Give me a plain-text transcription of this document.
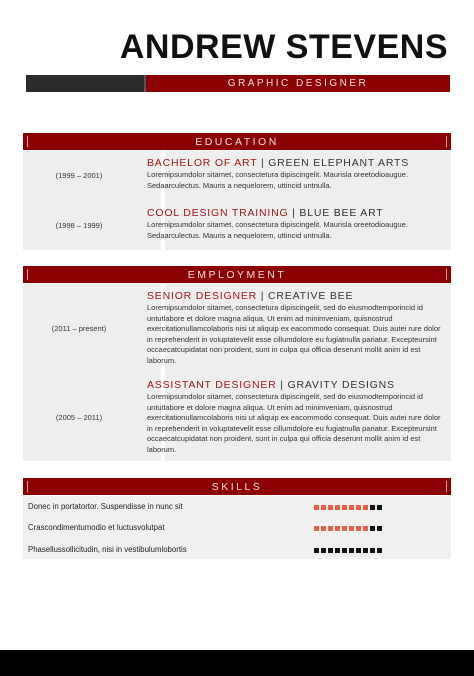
ANDREW STEVENS
GRAPHIC DESIGNER
EDUCATION
(1999 – 2001)
BACHELOR OF ART | GREEN ELEPHANT ARTS
Loremipsumdolor sitamet, consectetura dipiscingelit. Maurisla oreetodioaugue. Sedaarculectus. Mauris a nequelorem, uttincid untnulla.
(1998 – 1999)
COOL DESIGN TRAINING | BLUE BEE ART
Loremipsumdolor sitamet, consectetura dipiscingelit. Maurisla oreetodioaugue. Sedaarculectus. Mauris a nequelorem, uttincid untnulla.
EMPLOYMENT
(2011 – present)
SENIOR DESIGNER | CREATIVE BEE
Loremipsumdolor sitamet, consectetura dipiscingelit, sed do eiusmodtemporincid id untutlabore et dolore magna aliqua. Ut enim ad minimveniam, quisnostrud exercitationullamcolaboris nisi ut aliquip ex eacommodo consequat. Duis autei rure dolor in reprehenderit in voluptatevelit esse cillumdolore eu fugiatnulla pariatur. Excepteursint occaecatcupidatat non proident, sunt in culpa qui officia deserunt mollit anim id est laborum.
(2005 – 2011)
ASSISTANT DESIGNER | GRAVITY DESIGNS
Loremipsumdolor sitamet, consectetura dipiscingelit, sed do eiusmodtemporincid id untutlabore et dolore magna aliqua. Ut enim ad minimveniam, quisnostrud exercitationullamcolaboris nisi ut aliquip ex eacommodo consequat. Duis autei rure dolor in reprehenderit in voluptatevelit esse cillumdolore eu fugiatnulla pariatur. Excepteursint occaecatcupidatat non proident, sunt in culpa qui officia deserunt mollit anim id est laborum.
SKILLS
Donec in portatortor. Suspendisse in nunc sit
Crascondimentumodio et luctusvolutpat
Phasellussollicitudin, nisi in vestibulumlobortis
